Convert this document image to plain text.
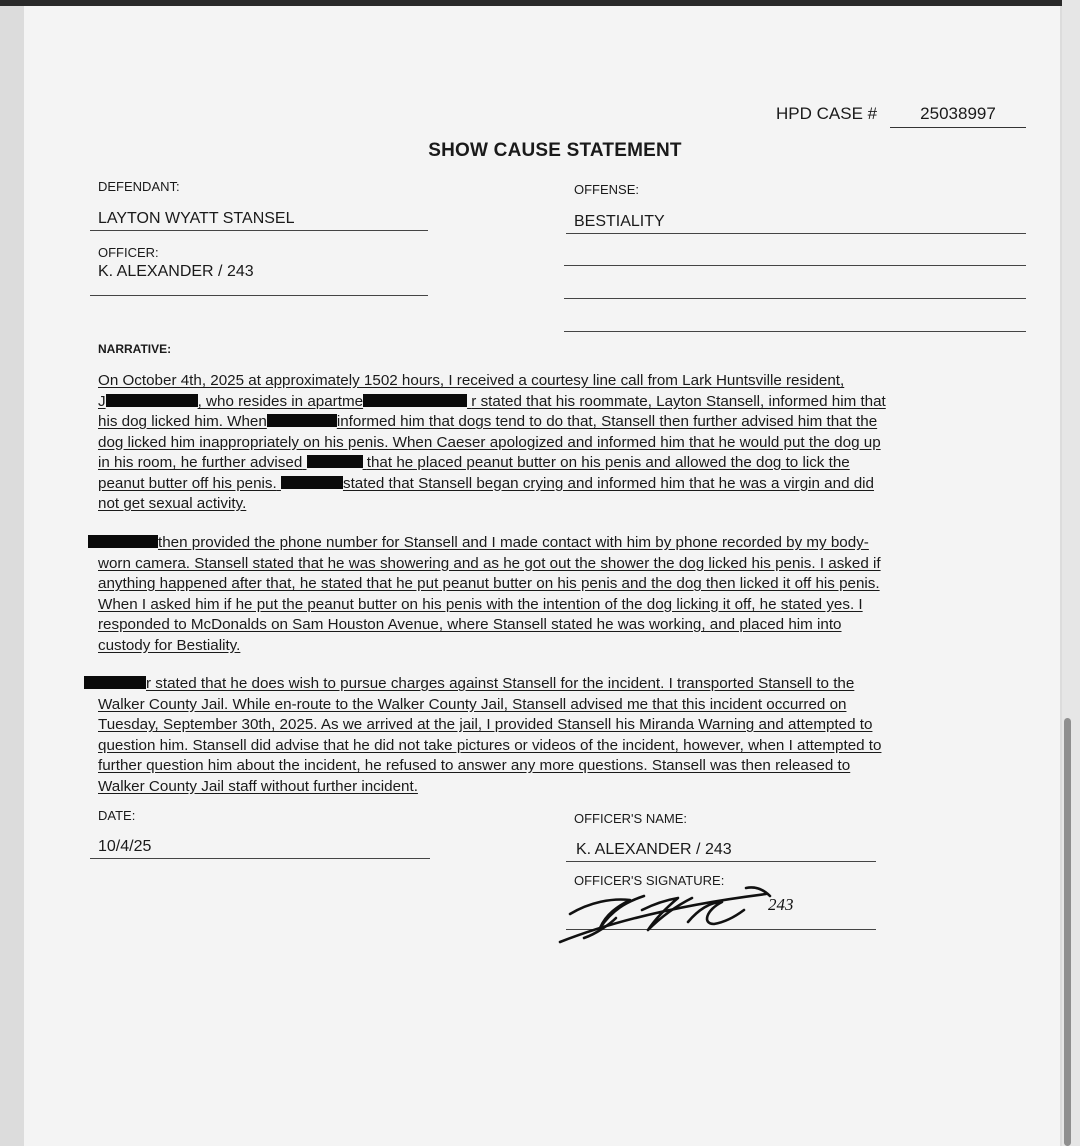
HPD CASE #	25038997
SHOW CAUSE STATEMENT
DEFENDANT:
LAYTON WYATT STANSEL
OFFENSE:
BESTIALITY
OFFICER:
K. ALEXANDER / 243
NARRATIVE:

On October 4th, 2025 at approximately 1502 hours, I received a courtesy line call from Lark Huntsville resident,

J	, who resides in apartme	r stated that his roommate, Layton Stansell, informed him that

his dog licked him. When	informed him that dogs tend to do that, Stansell then further advised him that the

dog licked him inappropriately on his penis. When Caeser apologized and informed him that he would put the dog up

in his room, he further advised	that he placed peanut butter on his penis and allowed the dog to lick the

peanut butter off his penis.	stated that Stansell began crying and informed him that he was a virgin and did

not get sexual activity.

then provided the phone number for Stansell and I made contact with him by phone recorded by my body-

worn camera. Stansell stated that he was showering and as he got out the shower the dog licked his penis. I asked if

anything happened after that, he stated that he put peanut butter on his penis and the dog then licked it off his penis.

When I asked him if he put the peanut butter on his penis with the intention of the dog licking it off, he stated yes. I

responded to McDonalds on Sam Houston Avenue, where Stansell stated he was working, and placed him into

custody for Bestiality.

r stated that he does wish to pursue charges against Stansell for the incident. I transported Stansell to the

Walker County Jail. While en-route to the Walker County Jail, Stansell advised me that this incident occurred on

Tuesday, September 30th, 2025. As we arrived at the jail, I provided Stansell his Miranda Warning and attempted to

question him. Stansell did advise that he did not take pictures or videos of the incident, however, when I attempted to

further question him about the incident, he refused to answer any more questions. Stansell was then released to

Walker County Jail staff without further incident.

DATE:
10/4/25
OFFICER'S NAME:
K. ALEXANDER / 243
OFFICER'S SIGNATURE:
243
